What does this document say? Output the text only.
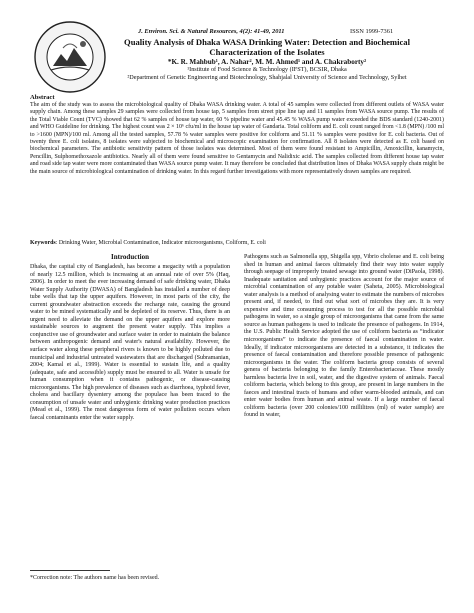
J. Environ. Sci. & Natural Resources, 4(2): 41-49, 2011	ISSN 1999-7361
Quality Analysis of Dhaka WASA Drinking Water: Detection and Biochemical Characterization of the Isolates
*K. R. Mahbub¹, A. Nahar², M. M. Ahmed¹ and A. Chakraborty²
¹Institute of Food Science & Technology (IFST), BCSIR, Dhaka
²Department of Genetic Engineering and Biotechnology, Shahjalal University of Science and Technology, Sylhet
Abstract
The aim of the study was to assess the microbiological quality of Dhaka WASA drinking water. A total of 45 samples were collected from different outlets of WASA water supply chain. Among these samples 29 samples were collected from house tap, 5 samples from street pipe line tap and 11 samples from WASA source pump. The results of the Total Viable Count (TVC) showed that 62 % samples of house tap water, 60 % pipeline water and 45.45 % WASA pump water exceeded the BDS standard (1240-2001) and WHO Guideline for drinking. The highest count was 2 × 10⁶ cfu/ml in the house tap water of Gandaria. Total coliform and E. coli count ranged from <1.8 (MPN) /100 ml to >1600 (MPN)/100 ml. Among all the tested samples, 57.78 % water samples were positive for coliform and 51.11 % samples were positive for E. coli bacteria. Out of twenty three E. coli isolates, 8 isolates were subjected to biochemical and microscopic examination for confirmation. All 8 isolates were detected as E. coli based on biochemical parameters. The antibiotic sensitivity pattern of those isolates was determined. Most of them were found resistant to Ampicillin, Amoxicillin, kanamycin, Pencillin, Sulphomethoxazole antibiotics. Nearly all of them were found sensitive to Gentamycin and Nalidixic acid. The samples collected from different house tap water and road side tap water were more contaminated than WASA source pump water. It may therefore be concluded that distribution lines of Dhaka WASA supply chain might be the main source of microbiological contamination of drinking water. In this regard further investigations with more representatively drawn samples are required.
Keywords: Drinking Water, Microbial Contamination, Indicator microorganisms, Coliform, E. coli
Introduction

Dhaka, the capital city of Bangladesh, has become a megacity with a population of nearly 12.5 million, which is increasing at an annual rate of over 5% (Haq, 2006). In order to meet the ever increasing demand of safe drinking water, Dhaka Water Supply Authority (DWASA) of Bangladesh has installed a number of deep tube wells that tap the upper aquifers. However, in most parts of the city, the current groundwater abstraction exceeds the recharge rate, causing the ground water to be mined systematically and be depleted of its reserve. Thus, there is an urgent need to alleviate the demand on the upper aquifers and explore more sustainable sources to augment the present water supply. This implies a conjunctive use of groundwater and surface water in order to maintain the balance between anthropogenic demand and water's natural availability. However, the surface water along these peripheral rivers is known to be highly polluted due to municipal and industrial untreated wastewaters that are discharged (Subramanian, 2004; Kamal et al., 1999). Water is essential to sustain life, and a quality (adequate, safe and accessible) supply must be ensured to all. Water is unsafe for human consumption when it contains pathogenic, or disease-causing microorganisms. The high prevalence of diseases such as diarrhoea, typhoid fever, cholera and bacillary dysentery among the populace has been traced to the consumption of unsafe water and unhygienic drinking water production practices (Mead et al., 1999). The most dangerous form of water pollution occurs when faecal contaminants enter the water supply.

Pathogens such as Salmonella spp, Shigella spp, Vibrio cholerae and E. coli being shed in human and animal faeces ultimately find their way into water supply through seepage of improperly treated sewage into ground water (DiPaola, 1998). Inadequate sanitation and unhygienic practices account for the major source of microbial contamination of any potable water (Saheta, 2005). Microbiological water analysis is a method of analysing water to estimate the numbers of microbes present and, if needed, to find out what sort of microbes they are. It is very expensive and time consuming process to test for all the possible microbial pathogens in water, so a single group of microorganisms that came from the same source as human pathogens is used to indicate the presence of pathogens. In 1914, the U.S. Public Health Service adopted the use of coliform bacteria as “indicator microorganisms” to indicate the presence of faecal contamination in water. Ideally, if indicator microorganisms are detected in a substance, it indicates the presence of faecal contamination and therefore possible presence of pathogenic microorganisms in the water. The coliform bacteria group consists of several genera of bacteria belonging to the family Enterobacteriaceae. These mostly harmless bacteria live in soil, water, and the digestive system of animals. Faecal coliform bacteria, which belong to this group, are present in large numbers in the faeces and intestinal tracts of humans and other warm-blooded animals, and can enter water bodies from human and animal waste. If a large number of faecal coliform bacteria (over 200 colonies/100 millilitres (ml) of water sample) are found in water,

*Correction note: The authors name has been revised.
